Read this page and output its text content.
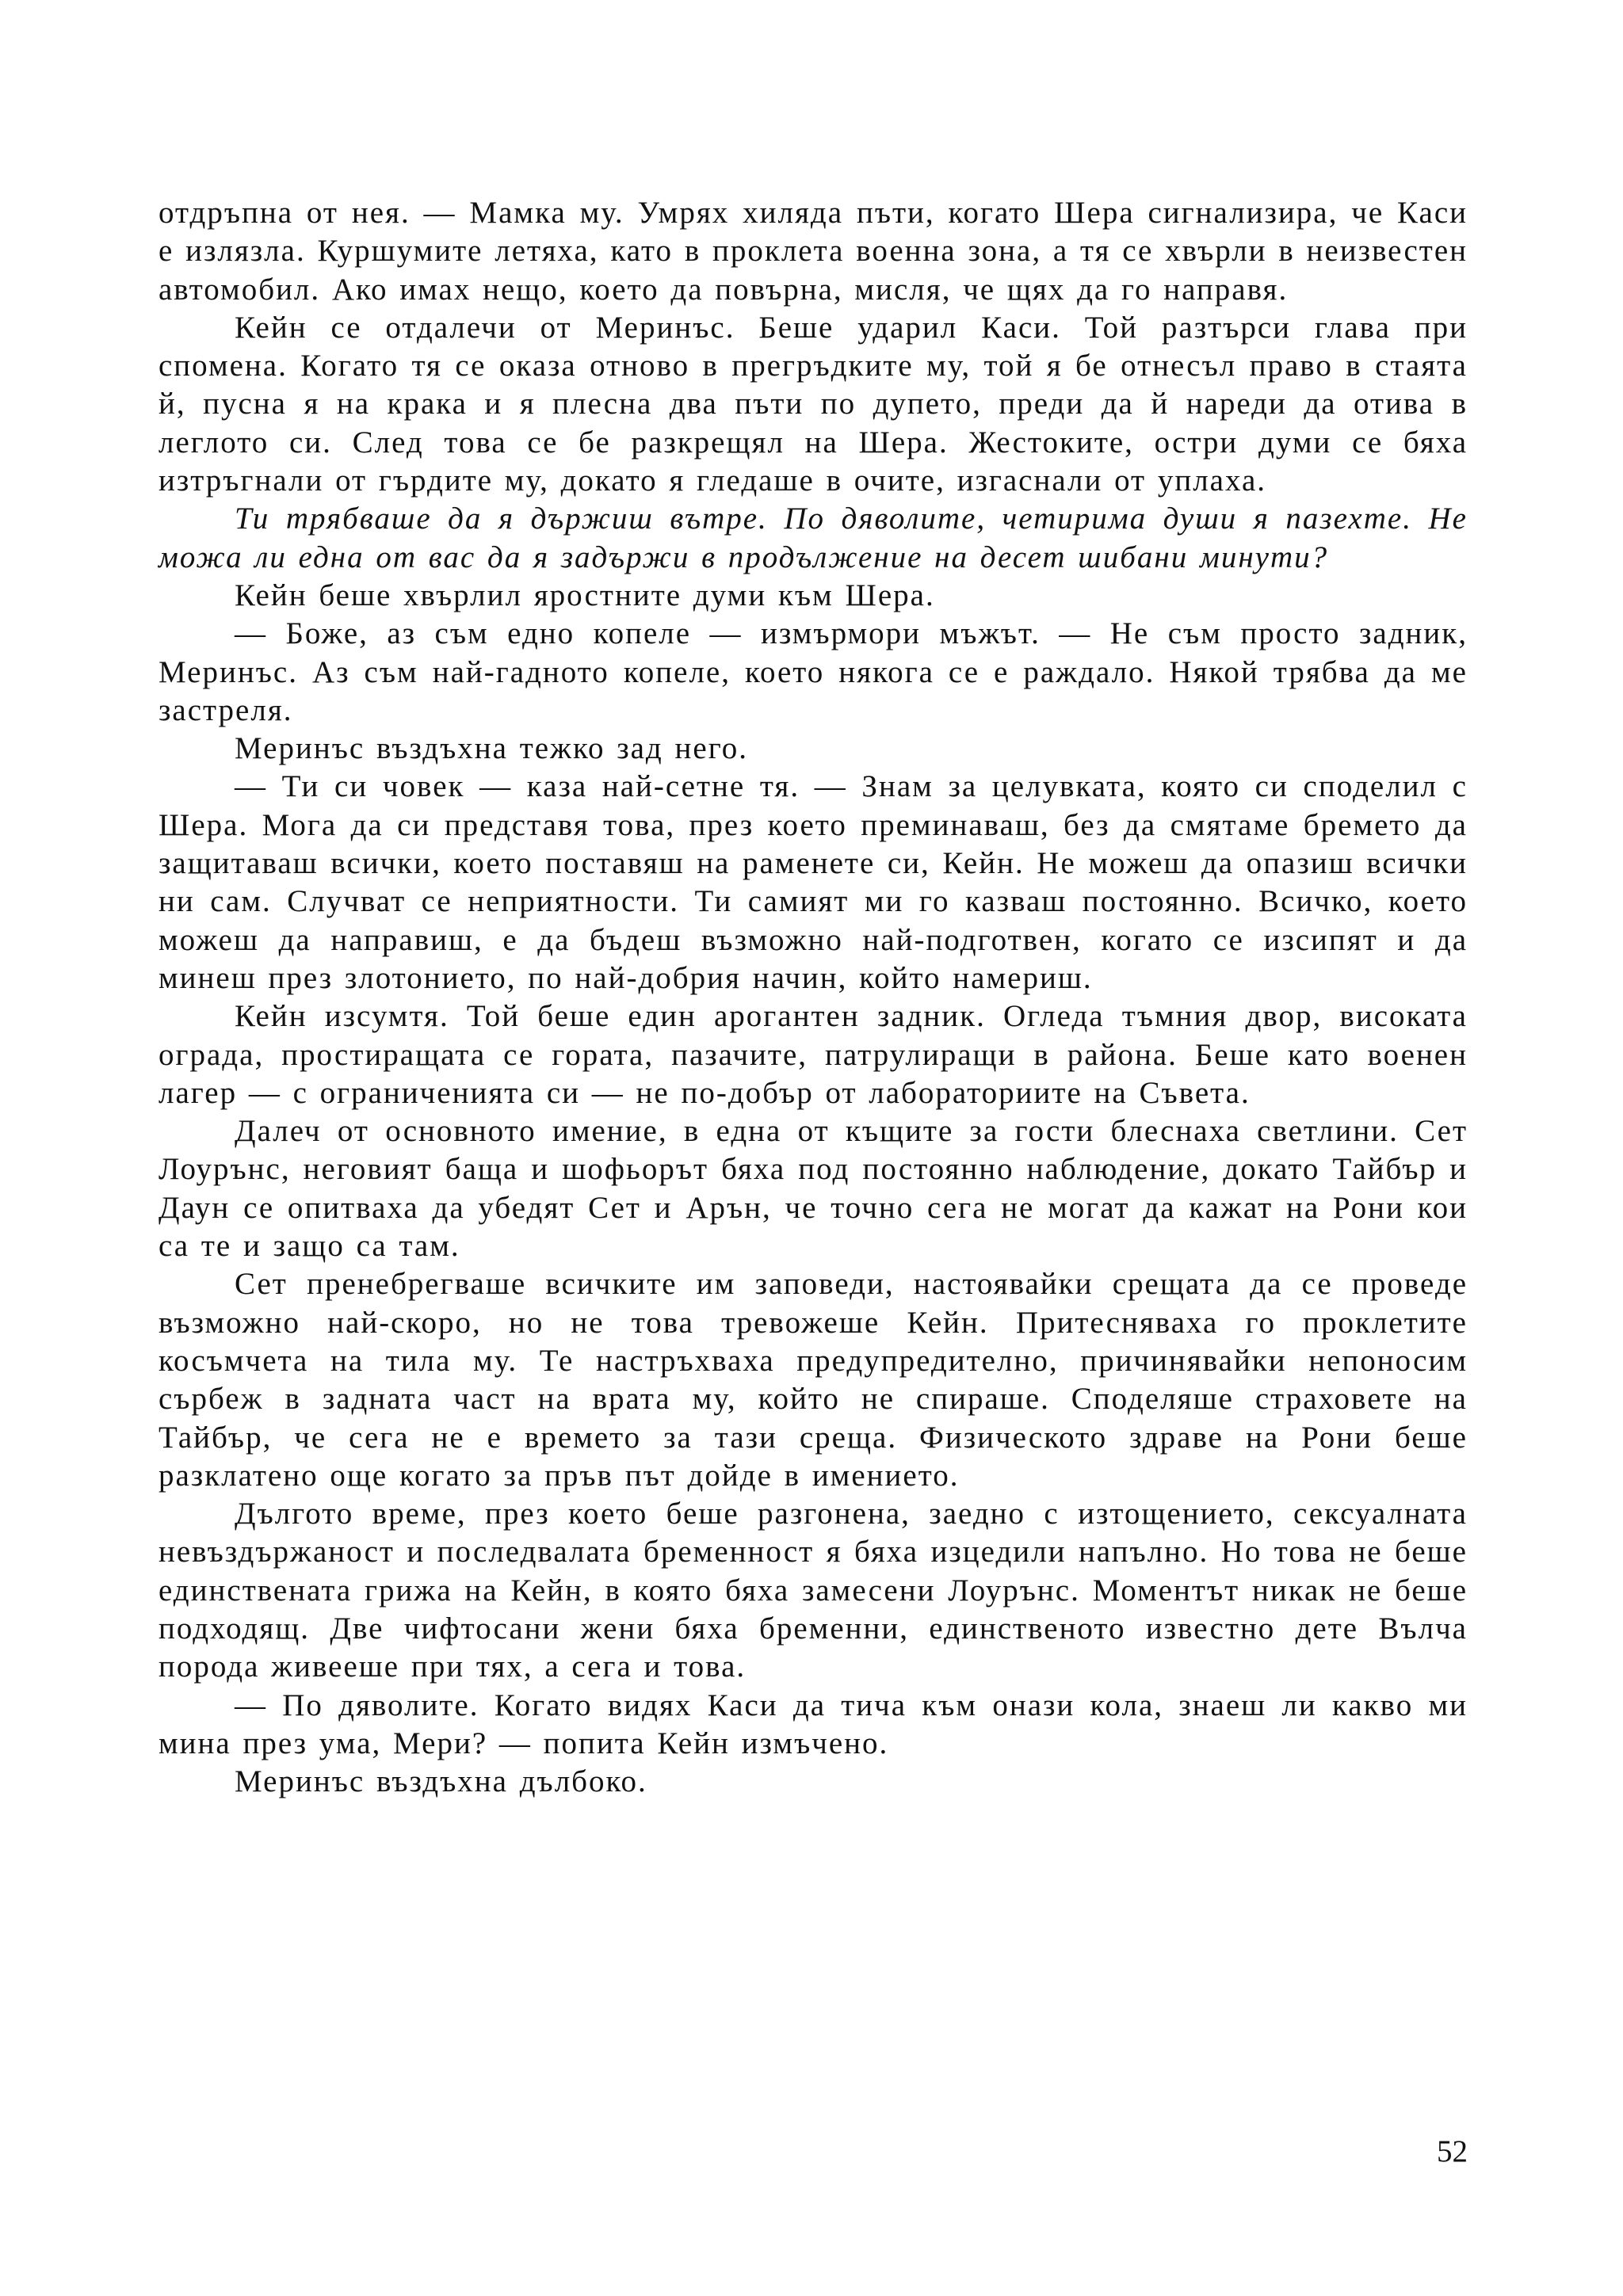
отдръпна от нея. — Мамка му. Умрях хиляда пъти, когато Шера сигнализира, че Каси е излязла. Куршумите летяха, като в проклета военна зона, а тя се хвърли в неизвестен автомобил. Ако имах нещо, което да повърна, мисля, че щях да го направя.

Кейн се отдалечи от Меринъс. Беше ударил Каси. Той разтърси глава при спомена. Когато тя се оказа отново в прегръдките му, той я бе отнесъл право в стаята й, пусна я на крака и я плесна два пъти по дупето, преди да й нареди да отива в леглото си. След това се бе разкрещял на Шера. Жестоките, остри думи се бяха изтръгнали от гърдите му, докато я гледаше в очите, изгаснали от уплаха.

Ти трябваше да я държиш вътре. По дяволите, четирима души я пазехте. Не можа ли една от вас да я задържи в продължение на десет шибани минути?

Кейн беше хвърлил яростните думи към Шера.

— Боже, аз съм едно копеле — измърмори мъжът. — Не съм просто задник, Меринъс. Аз съм най-гадното копеле, което някога се е раждало. Някой трябва да ме застреля.

Меринъс въздъхна тежко зад него.

— Ти си човек — каза най-сетне тя. — Знам за целувката, която си споделил с Шера. Мога да си представя това, през което преминаваш, без да смятаме бремето да защитаваш всички, което поставяш на раменете си, Кейн. Не можеш да опазиш всички ни сам. Случват се неприятности. Ти самият ми го казваш постоянно. Всичко, което можеш да направиш, е да бъдеш възможно най-подготвен, когато се изсипят и да минеш през злотонието, по най-добрия начин, който намериш.

Кейн изсумтя. Той беше един арогантен задник. Огледа тъмния двор, високата ограда, простиращата се гората, пазачите, патрулиращи в района. Беше като военен лагер — с ограниченията си — не по-добър от лабораториите на Съвета.

Далеч от основното имение, в една от къщите за гости блеснаха светлини. Сет Лоурънс, неговият баща и шофьорът бяха под постоянно наблюдение, докато Тайбър и Даун се опитваха да убедят Сет и Арън, че точно сега не могат да кажат на Рони кои са те и защо са там.

Сет пренебрегваше всичките им заповеди, настоявайки срещата да се проведе възможно най-скоро, но не това тревожеше Кейн. Притесняваха го проклетите косъмчета на тила му. Те настръхваха предупредително, причинявайки непоносим сърбеж в задната част на врата му, който не спираше. Споделяше страховете на Тайбър, че сега не е времето за тази среща. Физическото здраве на Рони беше разклатено още когато за пръв път дойде в имението.

Дългото време, през което беше разгонена, заедно с изтощението, сексуалната невъздържаност и последвалата бременност я бяха изцедили напълно. Но това не беше единствената грижа на Кейн, в която бяха замесени Лоурънс. Моментът никак не беше подходящ. Две чифтосани жени бяха бременни, единственото известно дете Вълча порода живееше при тях, а сега и това.

— По дяволите. Когато видях Каси да тича към онази кола, знаеш ли какво ми мина през ума, Мери? — попита Кейн измъчено.

Меринъс въздъхна дълбоко.

52
